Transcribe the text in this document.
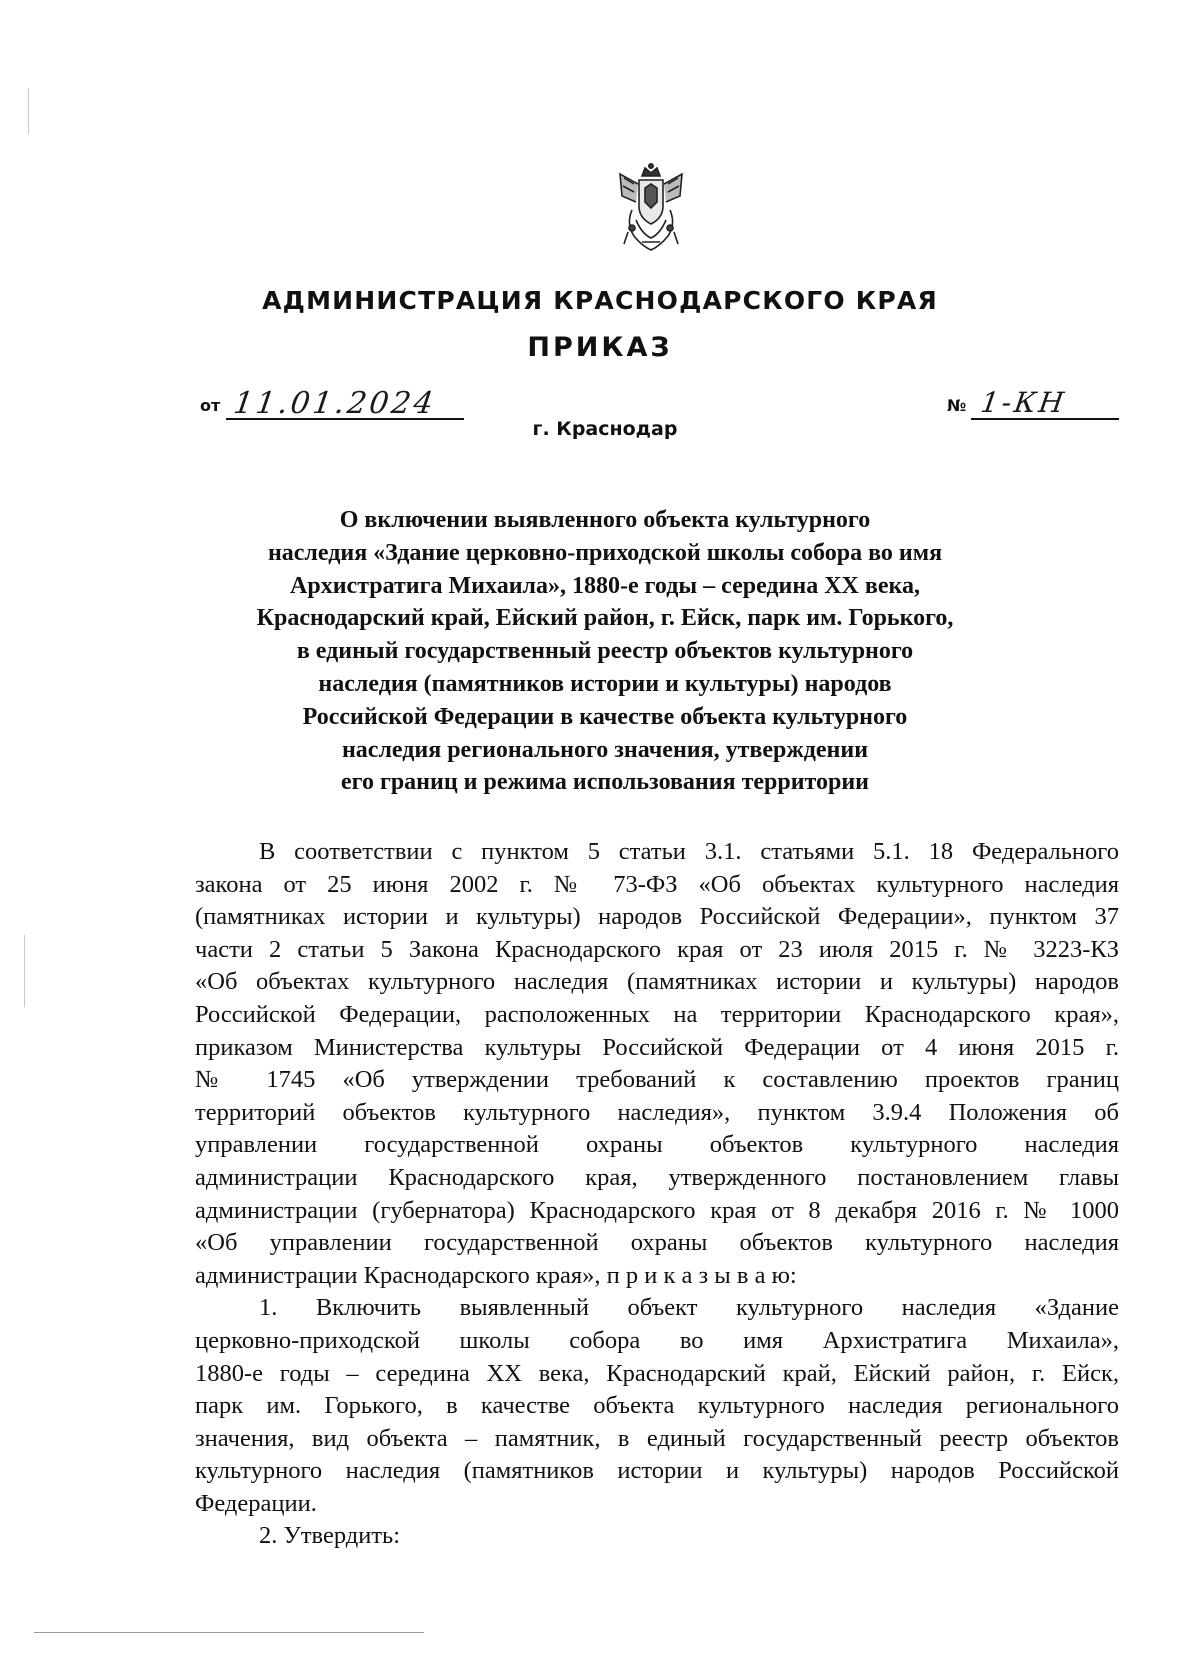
АДМИНИСТРАЦИЯ КРАСНОДАРСКОГО КРАЯ
ПРИКАЗ
от 11.01.2024	№ 1-КН
г. Краснодар
О включении выявленного объекта культурного
наследия «Здание церковно-приходской школы собора во имя
Архистратига Михаила», 1880-е годы – середина XX века,
Краснодарский край, Ейский район, г. Ейск, парк им. Горького,
в единый государственный реестр объектов культурного
наследия (памятников истории и культуры) народов
Российской Федерации в качестве объекта культурного
наследия регионального значения, утверждении
его границ и режима использования территории
В соответствии с пунктом 5 статьи 3.1. статьями 5.1. 18 Федерального
закона от 25 июня 2002 г. № 73-ФЗ «Об объектах культурного наследия
(памятниках истории и культуры) народов Российской Федерации», пунктом 37
части 2 статьи 5 Закона Краснодарского края от 23 июля 2015 г. № 3223-КЗ
«Об объектах культурного наследия (памятниках истории и культуры) народов
Российской Федерации, расположенных на территории Краснодарского края»,
приказом Министерства культуры Российской Федерации от 4 июня 2015 г.
№ 1745 «Об утверждении требований к составлению проектов границ
территорий объектов культурного наследия», пунктом 3.9.4 Положения об
управлении государственной охраны объектов культурного наследия
администрации Краснодарского края, утвержденного постановлением главы
администрации (губернатора) Краснодарского края от 8 декабря 2016 г. № 1000
«Об управлении государственной охраны объектов культурного наследия
администрации Краснодарского края», п р и к а з ы в а ю:
1. Включить выявленный объект культурного наследия «Здание
церковно-приходской школы собора во имя Архистратига Михаила»,
1880-е годы – середина XX века, Краснодарский край, Ейский район, г. Ейск,
парк им. Горького, в качестве объекта культурного наследия регионального
значения, вид объекта – памятник, в единый государственный реестр объектов
культурного наследия (памятников истории и культуры) народов Российской
Федерации.
2. Утвердить:
